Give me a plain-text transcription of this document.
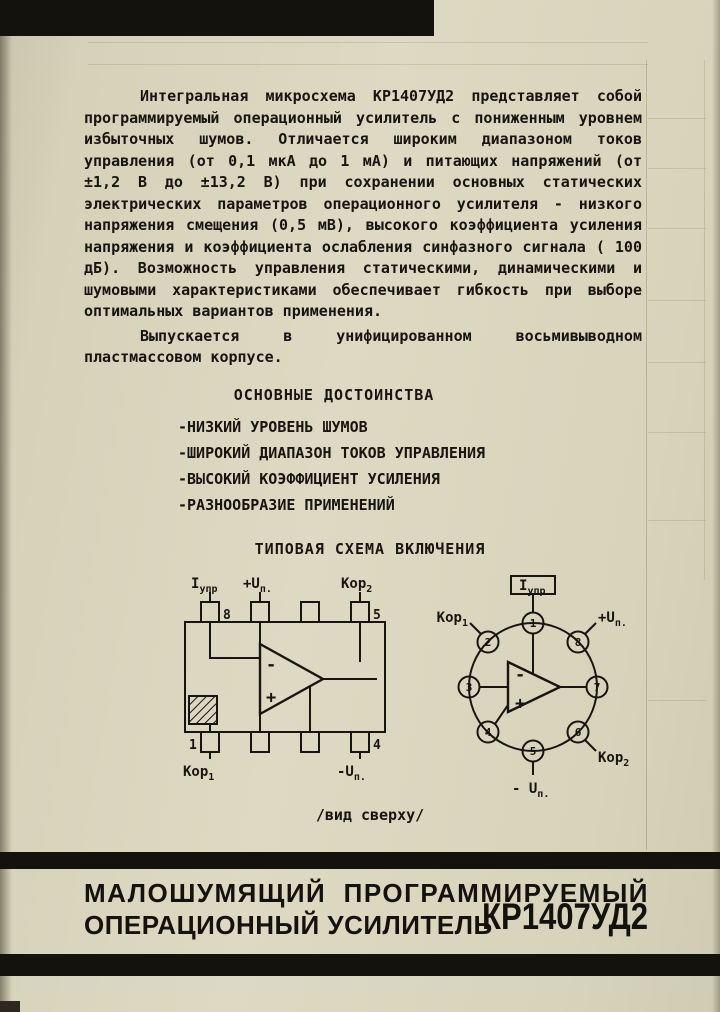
Интегральная микросхема КР1407УД2 представляет собой программируемый операционный усилитель с пониженным уровнем избыточных шумов. Отличается широким диапазоном токов управления (от 0,1 мкА до 1 мА) и питающих напряжений (от ±1,2 В до ±13,2 В) при сохранении основных статических электрических параметров операционного усилителя - низкого напряжения смещения (0,5 мВ), высокого коэффициента усиления напряжения и коэффициента ослабления синфазного сигнала ( 100 дБ). Возможность управления статическими, динамическими и шумовыми характеристиками обеспечивает гибкость при выборе оптимальных вариантов применения.

Выпускается в унифицированном восьмивыводном пластмассовом корпусе.

ОСНОВНЫЕ ДОСТОИНСТВА
-НИЗКИЙ УРОВЕНЬ ШУМОВ
-ШИРОКИЙ ДИАПАЗОН ТОКОВ УПРАВЛЕНИЯ
-ВЫСОКИЙ КОЭФФИЦИЕНТ УСИЛЕНИЯ
-РАЗНООБРАЗИЕ ПРИМЕНЕНИЙ
ТИПОВАЯ СХЕМА ВКЛЮЧЕНИЯ
$I_{упр} +U_{п.}$	Кор$_2$
8	5
1	4
-
+
Кор$_1$	$-U_{п.}$
$I_{упр}$
$+U_{п.}$
Кор$_1$
Кор$_2$
- $U_{п.}$
-
+
1
2
3
4
5
6
7
8
/вид сверху/
МАЛОШУМЯЩИЙ  ПРОГРАММИРУЕМЫЙ
ОПЕРАЦИОННЫЙ УСИЛИТЕЛЬ
КР1407УД2
